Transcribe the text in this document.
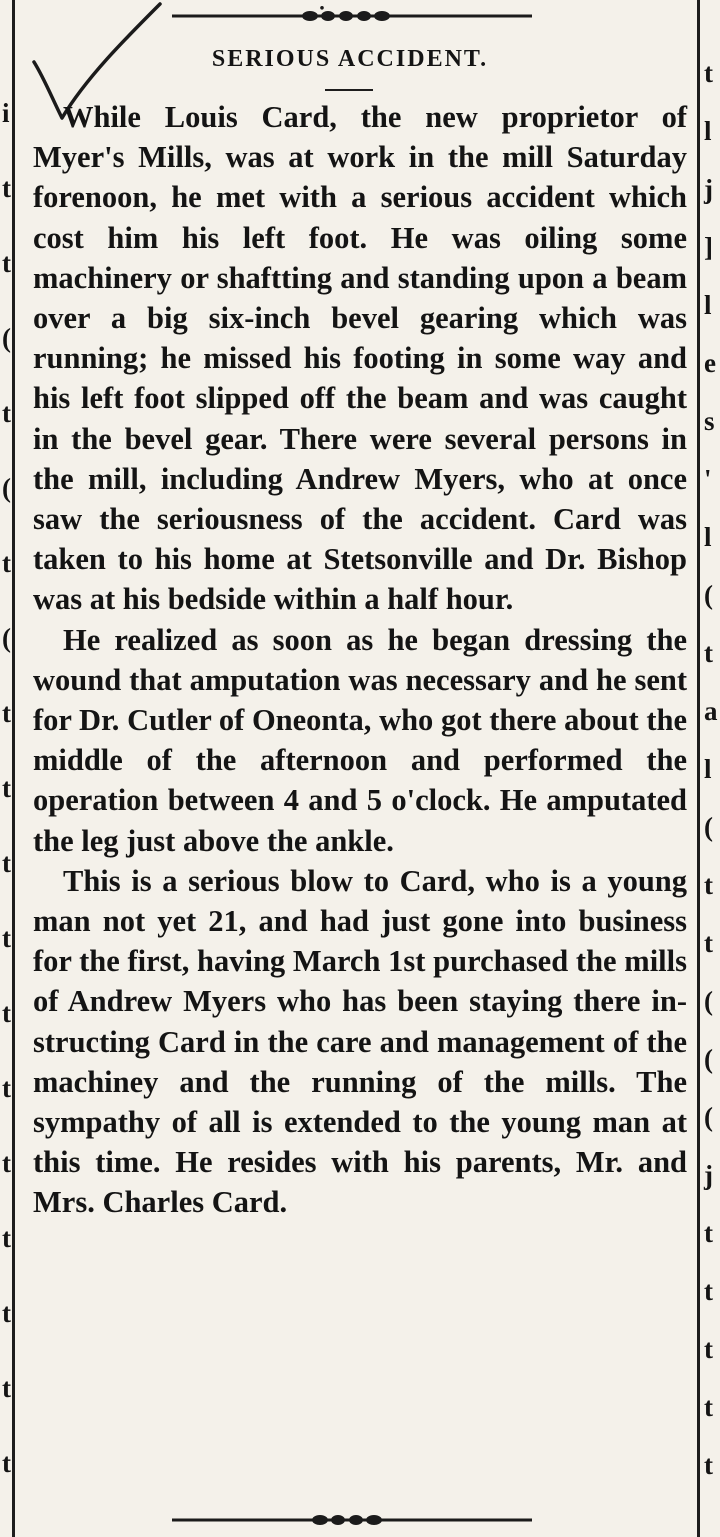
i
t
t
(
t
(
t
(
t
t
t
t
t
t
t
t
t
t
t
t
l
j
]
l
e
s
'
l
(
t
a
l
(
t
t
(
(
(
j
t
t
t
t
t
SERIOUS ACCIDENT.

While Louis Card, the new proprietor of Myer's Mills, was at work in the mill Saturday forenoon, he met with a serious accident which cost him his left foot. He was oiling some machinery or shaftting and standing upon a beam over a big six-inch bevel gearing which was running; he missed his footing in some way and his left foot slipped off the beam and was caught in the bevel gear. There were several persons in the mill, including Andrew Myers, who at once saw the seriousness of the accident. Card was taken to his home at Stetsonville and Dr. Bishop was at his bedside within a half hour.

He realized as soon as he began dressing the wound that amputation was necessary and he sent for Dr. Cutler of Oneonta, who got there about the middle of the afternoon and performed the operation between 4 and 5 o'clock. He amputated the leg just above the ankle.

This is a serious blow to Card, who is a young man not yet 21, and had just gone into business for the first, having March 1st purchased the mills of Andrew Myers who has been staying there instructing Card in the care and management of the machiney and the running of the mills. The sympathy of all is extended to the young man at this time. He resides with his parents, Mr. and Mrs. Charles Card.
